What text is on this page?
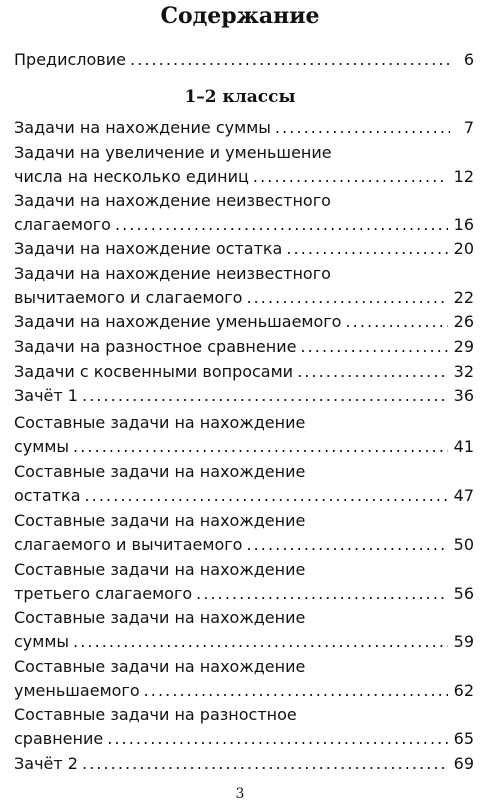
Содержание
Предисловие . . .	6
1–2 классы
Задачи на нахождение суммы . . .	7
Задачи на увеличение и уменьшение
числа на несколько единиц . . .	12
Задачи на нахождение неизвестного
слагаемого . . .	16
Задачи на нахождение остатка . . .	20
Задачи на нахождение неизвестного
вычитаемого и слагаемого . . .	22
Задачи на нахождение уменьшаемого . . .	26
Задачи на разностное сравнение . . .	29
Задачи с косвенными вопросами . . .	32
Зачёт 1 . . .	36
Составные задачи на нахождение
суммы . . .	41
Составные задачи на нахождение
остатка . . .	47
Составные задачи на нахождение
слагаемого и вычитаемого . . .	50
Составные задачи на нахождение
третьего слагаемого . . .	56
Составные задачи на нахождение
суммы . . .	59
Составные задачи на нахождение
уменьшаемого . . .	62
Составные задачи на разностное
сравнение . . .	65
Зачёт 2 . . .	69
3
